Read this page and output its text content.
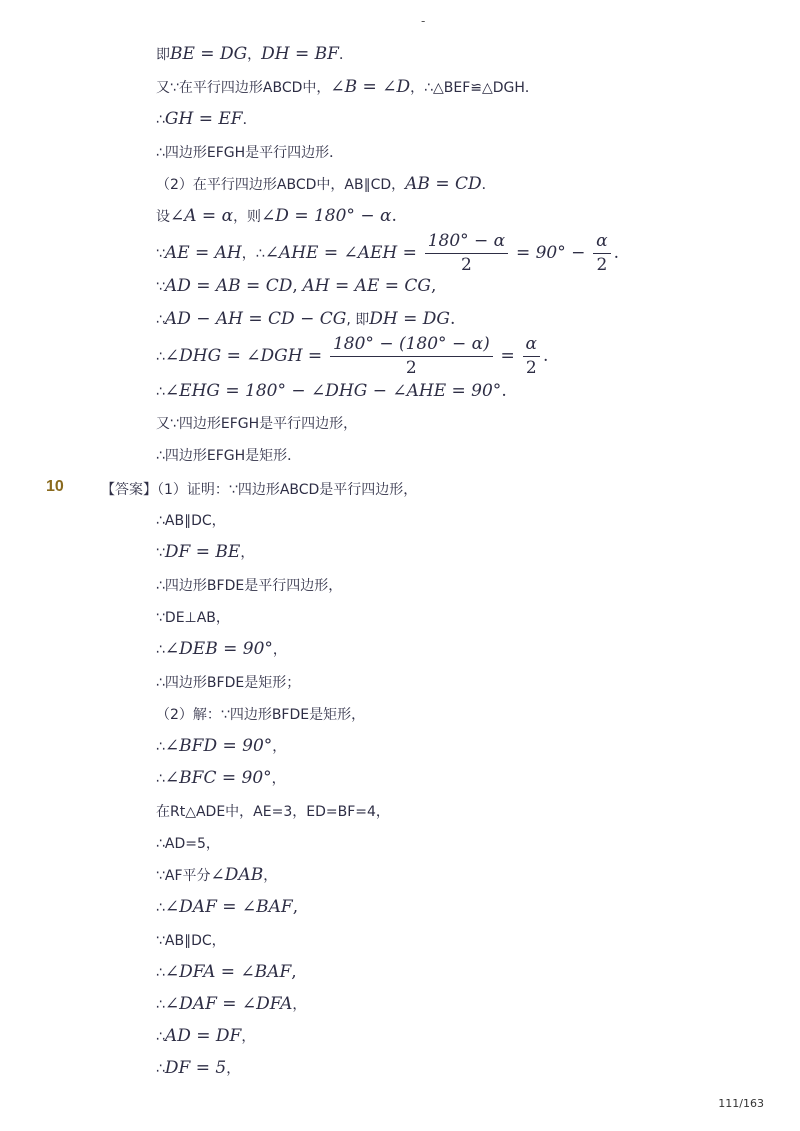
-
即BE = DG，DH = BF．
又∵在平行四边形ABCD中，∠B = ∠D，∴△BEF≌△DGH．
∴GH = EF．
∴四边形EFGH是平行四边形．
（2）在平行四边形ABCD中，AB∥CD，AB = CD．
设∠A = α，则∠D = 180° − α.
∵AE = AH，∴∠AHE = ∠AEH = $\frac{180^\circ - \alpha}{2} = 90^\circ - \frac{\alpha}{2}$ .
∵AD = AB = CD, AH = AE = CG,
∴AD − AH = CD − CG, 即DH = DG.
∴∠DHG = ∠DGH = $\frac{180^\circ - (180^\circ - \alpha)}{2} = \frac{\alpha}{2}$ .
∴∠EHG = 180° − ∠DHG − ∠AHE = 90°.
又∵四边形EFGH是平行四边形，
∴四边形EFGH是矩形．
10	【答案】（1）证明：∵四边形ABCD是平行四边形，
∴AB∥DC，
∵DF = BE，
∴四边形BFDE是平行四边形，
∵DE⊥AB，
∴∠DEB = 90°，
∴四边形BFDE是矩形；
（2）解：∵四边形BFDE是矩形，
∴∠BFD = 90°，
∴∠BFC = 90°，
在Rt△ADE中，AE=3，ED=BF=4，
∴AD=5，
∵AF平分∠DAB，
∴∠DAF = ∠BAF,
∵AB∥DC，
∴∠DFA = ∠BAF,
∴∠DAF = ∠DFA，
∴AD = DF，
∴DF = 5，
111/163
